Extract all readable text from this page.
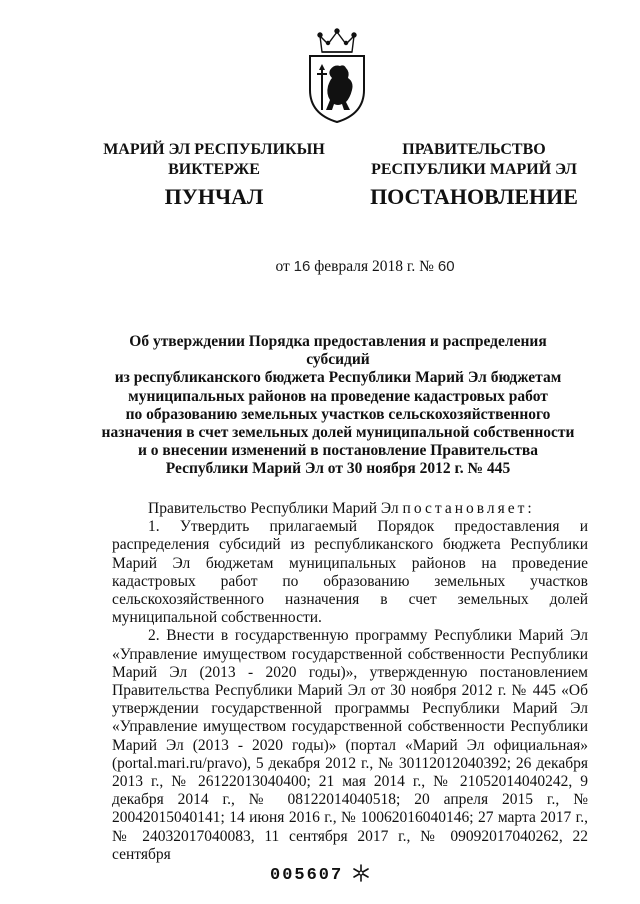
МАРИЙ ЭЛ РЕСПУБЛИКЫН
ВИКТЕРЖЕ
ПРАВИТЕЛЬСТВО
РЕСПУБЛИКИ МАРИЙ ЭЛ
ПУНЧАЛ	ПОСТАНОВЛЕНИЕ
от 16 февраля 2018 г. № 60
Об утверждении Порядка предоставления и распределения субсидий
из республиканского бюджета Республики Марий Эл бюджетам
муниципальных районов на проведение кадастровых работ
по образованию земельных участков сельскохозяйственного
назначения в счет земельных долей муниципальной собственности
и о внесении изменений в постановление Правительства
Республики Марий Эл от 30 ноября 2012 г. № 445

Правительство Республики Марий Эл постановляет:

1. Утвердить прилагаемый Порядок предоставления и распределения субсидий из республиканского бюджета Республики Марий Эл бюджетам муниципальных районов на проведение кадастровых работ по образованию земельных участков сельскохозяйственного назначения в счет земельных долей муниципальной собственности.

2. Внести в государственную программу Республики Марий Эл «Управление имуществом государственной собственности Республики Марий Эл (2013 - 2020 годы)», утвержденную постановлением Правительства Республики Марий Эл от 30 ноября 2012 г. № 445 «Об утверждении государственной программы Республики Марий Эл «Управление имуществом государственной собственности Республики Марий Эл (2013 - 2020 годы)» (портал «Марий Эл официальная» (portal.mari.ru/pravo), 5 декабря 2012 г., № 30112012040392; 26 декабря 2013 г., № 26122013040400; 21 мая 2014 г., № 21052014040242, 9 декабря 2014 г., № 08122014040518; 20 апреля 2015 г., № 20042015040141; 14 июня 2016 г., № 10062016040146; 27 марта 2017 г., № 24032017040083, 11 сентября 2017 г., № 09092017040262, 22 сентября

005607
